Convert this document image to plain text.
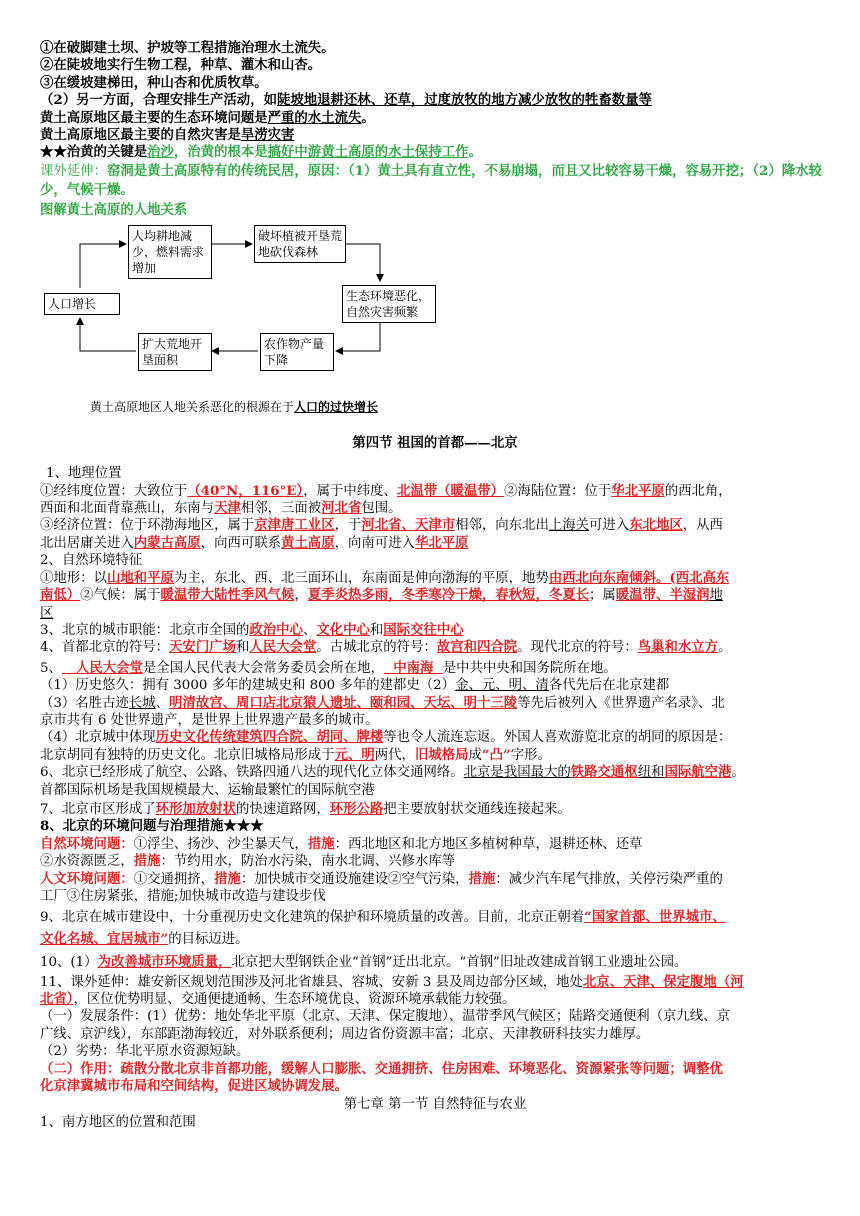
①在破脚建土坝、护坡等工程措施治理水土流失。
②在陡坡地实行生物工程，种草、灌木和山杏。
③在缓坡建梯田，种山杏和优质牧草。
（2）另一方面，合理安排生产活动，如陡坡地退耕还林、还草，过度放牧的地方减少放牧的牲畜数量等
黄土高原地区最主要的生态环境问题是严重的水土流失。
黄土高原地区最主要的自然灾害是旱涝灾害
★★治黄的关键是治沙，治黄的根本是搞好中游黄土高原的水土保持工作。
课外延伸：窑洞是黄土高原特有的传统民居，原因：（1）黄土具有直立性，不易崩塌，而且又比较容易干燥，容易开挖；（2）降水较少，气候干燥。
图解黄土高原的人地关系
人均耕地减少，燃料需求增加
破坏植被开垦荒地砍伐森林
人口增长
生态环境恶化，自然灾害频繁
扩大荒地开垦面积
农作物产量下降
黄土高原地区人地关系恶化的根源在于人口的过快增长
第四节 祖国的首都——北京
1、地理位置
①经纬度位置：大致位于（40°N，116°E），属于中纬度、北温带（暖温带）②海陆位置：位于华北平原的西北角，
西面和北面背靠燕山，东南与天津相邻，三面被河北省包围。
③经济位置：位于环渤海地区，属于京津唐工业区，于河北省、天津市相邻，向东北出上海关可进入东北地区，从西
北出居庸关进入内蒙古高原，向西可联系黄土高原，向南可进入华北平原
2、自然环境特征
①地形：以山地和平原为主，东北、西、北三面环山，东南面是伸向渤海的平原，地势由西北向东南倾斜。(西北高东
南低）②气候：属于暖温带大陆性季风气候，夏季炎热多雨，冬季寒冷干燥，春秋短，冬夏长；属暖温带、半湿润地
区
3、北京的城市职能：北京市全国的政治中心、文化中心和国际交往中心
4、首都北京的符号：天安门广场和人民大会堂。古城北京的符号：故宫和四合院。现代北京的符号：鸟巢和水立方。
5、   人民大会堂是全国人民代表大会常务委员会所在地，  中南海  是中共中央和国务院所在地。
（1）历史悠久：拥有 3000 多年的建城史和 800 多年的建都史（2）金、元、明、清各代先后在北京建都
（3）名胜古迹长城、明清故宫、周口店北京猿人遗址、颐和园、天坛、明十三陵等先后被列入《世界遗产名录》、北
京市共有 6 处世界遗产，是世界上世界遗产最多的城市。
（4）北京城中体现历史文化传统建筑四合院、胡同、牌楼等也令人流连忘返。外国人喜欢游览北京的胡同的原因是：
北京胡同有独特的历史文化。北京旧城格局形成于元、明两代，旧城格局成“凸”字形。
6、北京已经形成了航空、公路、铁路四通八达的现代化立体交通网络。北京是我国最大的铁路交通枢纽和国际航空港。
首都国际机场是我国规模最大、运输最繁忙的国际航空港
7、北京市区形成了环形加放射状的快速道路网，环形公路把主要放射状交通线连接起来。
8、北京的环境问题与治理措施★★★
自然环境问题：①浮尘、扬沙、沙尘暴天气，措施：西北地区和北方地区多植树种草，退耕还林、还草
②水资源匮乏，措施：节约用水，防治水污染，南水北调、兴修水库等
人文环境问题：①交通拥挤，措施：加快城市交通设施建设②空气污染，措施：减少汽车尾气排放，关停污染严重的
工厂③住房紧张，措施;加快城市改造与建设步伐
9、北京在城市建设中，十分重视历史文化建筑的保护和环境质量的改善。目前，北京正朝着“国家首都、世界城市、
文化名城、宜居城市”的目标迈进。
10、(1）为改善城市环境质量，北京把大型钢铁企业“首钢”迁出北京。“首钢”旧址改建成首钢工业遗址公园。
11、课外延伸：雄安新区规划范围涉及河北省雄县、容城、安新 3 县及周边部分区域，地处北京、天津、保定腹地（河
北省），区位优势明显、交通便捷通畅、生态环境优良、资源环境承载能力较强。
（一）发展条件：(1）优势：地处华北平原（北京、天津、保定腹地）、温带季风气候区；陆路交通便利（京九线、京
广线、京沪线），东部距渤海较近，对外联系便利；周边省份资源丰富；北京、天津教研科技实力雄厚。
（2）劣势：华北平原水资源短缺。
（二）作用：疏散分散北京非首都功能，缓解人口膨胀、交通拥挤、住房困难、环境恶化、资源紧张等问题；调整优
化京津冀城市布局和空间结构，促进区域协调发展。
第七章 第一节 自然特征与农业
1、南方地区的位置和范围
